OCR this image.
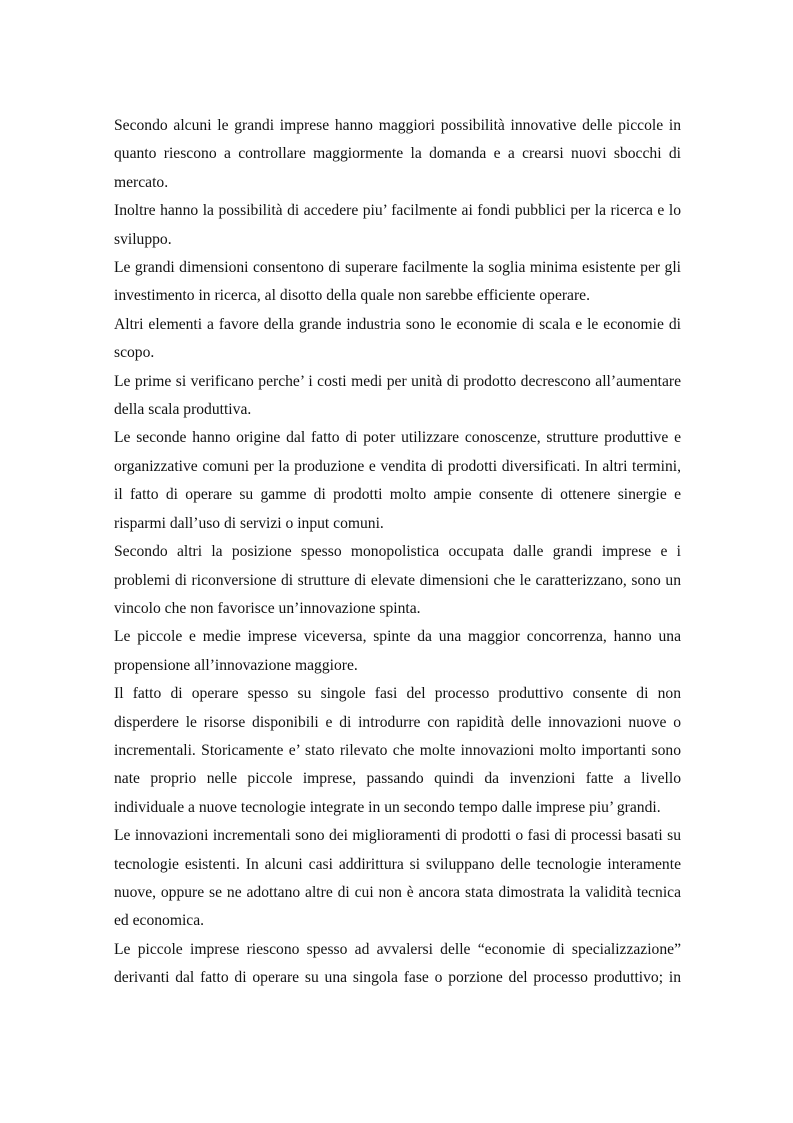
Secondo alcuni le grandi imprese hanno maggiori possibilità innovative delle piccole in quanto riescono a controllare maggiormente la domanda e a crearsi nuovi sbocchi di mercato.

Inoltre hanno la possibilità di accedere piu’ facilmente ai fondi pubblici per la ricerca e lo sviluppo.

Le grandi dimensioni consentono di superare facilmente la soglia minima esistente per gli investimento in ricerca, al disotto della quale non sarebbe efficiente operare.

Altri elementi a favore della grande industria sono le economie di scala e le economie di scopo.

Le prime si verificano perche’ i costi medi per unità di prodotto decrescono all’aumentare della scala produttiva.

Le seconde hanno origine dal fatto di poter utilizzare conoscenze, strutture produttive e organizzative comuni per la produzione e vendita di prodotti diversificati. In altri termini, il fatto di operare su gamme di prodotti molto ampie consente di ottenere sinergie e risparmi dall’uso di servizi o input comuni.

Secondo altri la posizione spesso monopolistica occupata dalle grandi imprese e i problemi di riconversione di strutture di elevate dimensioni che le caratterizzano, sono un vincolo che non favorisce un’innovazione spinta.

Le piccole e medie imprese viceversa, spinte da una maggior concorrenza, hanno una propensione all’innovazione maggiore.

Il fatto di operare spesso su singole fasi del processo produttivo consente di non disperdere le risorse disponibili e di introdurre con rapidità delle innovazioni nuove o incrementali. Storicamente e’ stato rilevato che molte innovazioni molto importanti sono nate proprio nelle piccole imprese, passando quindi da invenzioni fatte a livello individuale a nuove tecnologie integrate in un secondo tempo dalle imprese piu’ grandi.

Le innovazioni incrementali sono dei miglioramenti di prodotti o fasi di processi basati su tecnologie esistenti. In alcuni casi addirittura si sviluppano delle tecnologie interamente nuove, oppure se ne adottano altre di cui non è ancora stata dimostrata la validità tecnica ed economica.

Le piccole imprese riescono spesso ad avvalersi delle “economie di specializzazione” derivanti dal fatto di operare su una singola fase o porzione del processo produttivo; in
